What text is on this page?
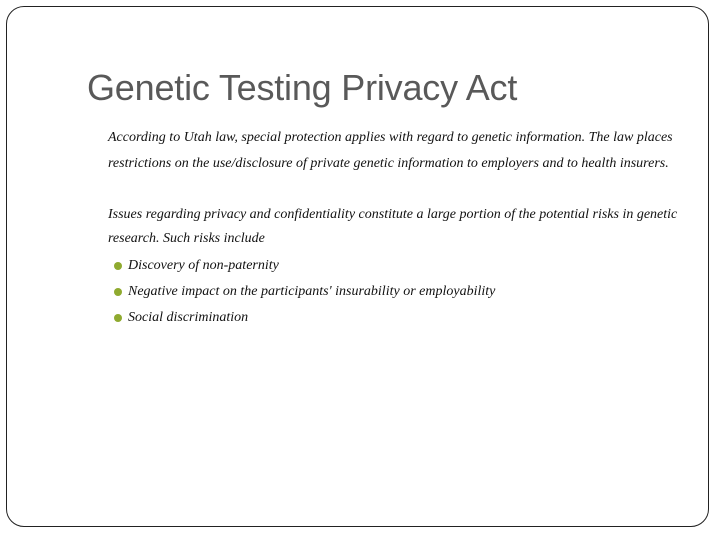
Genetic Testing Privacy Act

According to Utah law, special protection applies with regard to genetic information. The law places restrictions on the use/disclosure of private genetic information to employers and to health insurers.

Issues regarding privacy and confidentiality constitute a large portion of the potential risks in genetic research. Such risks include

Discovery of non-paternity
Negative impact on the participants' insurability or employability
Social discrimination
